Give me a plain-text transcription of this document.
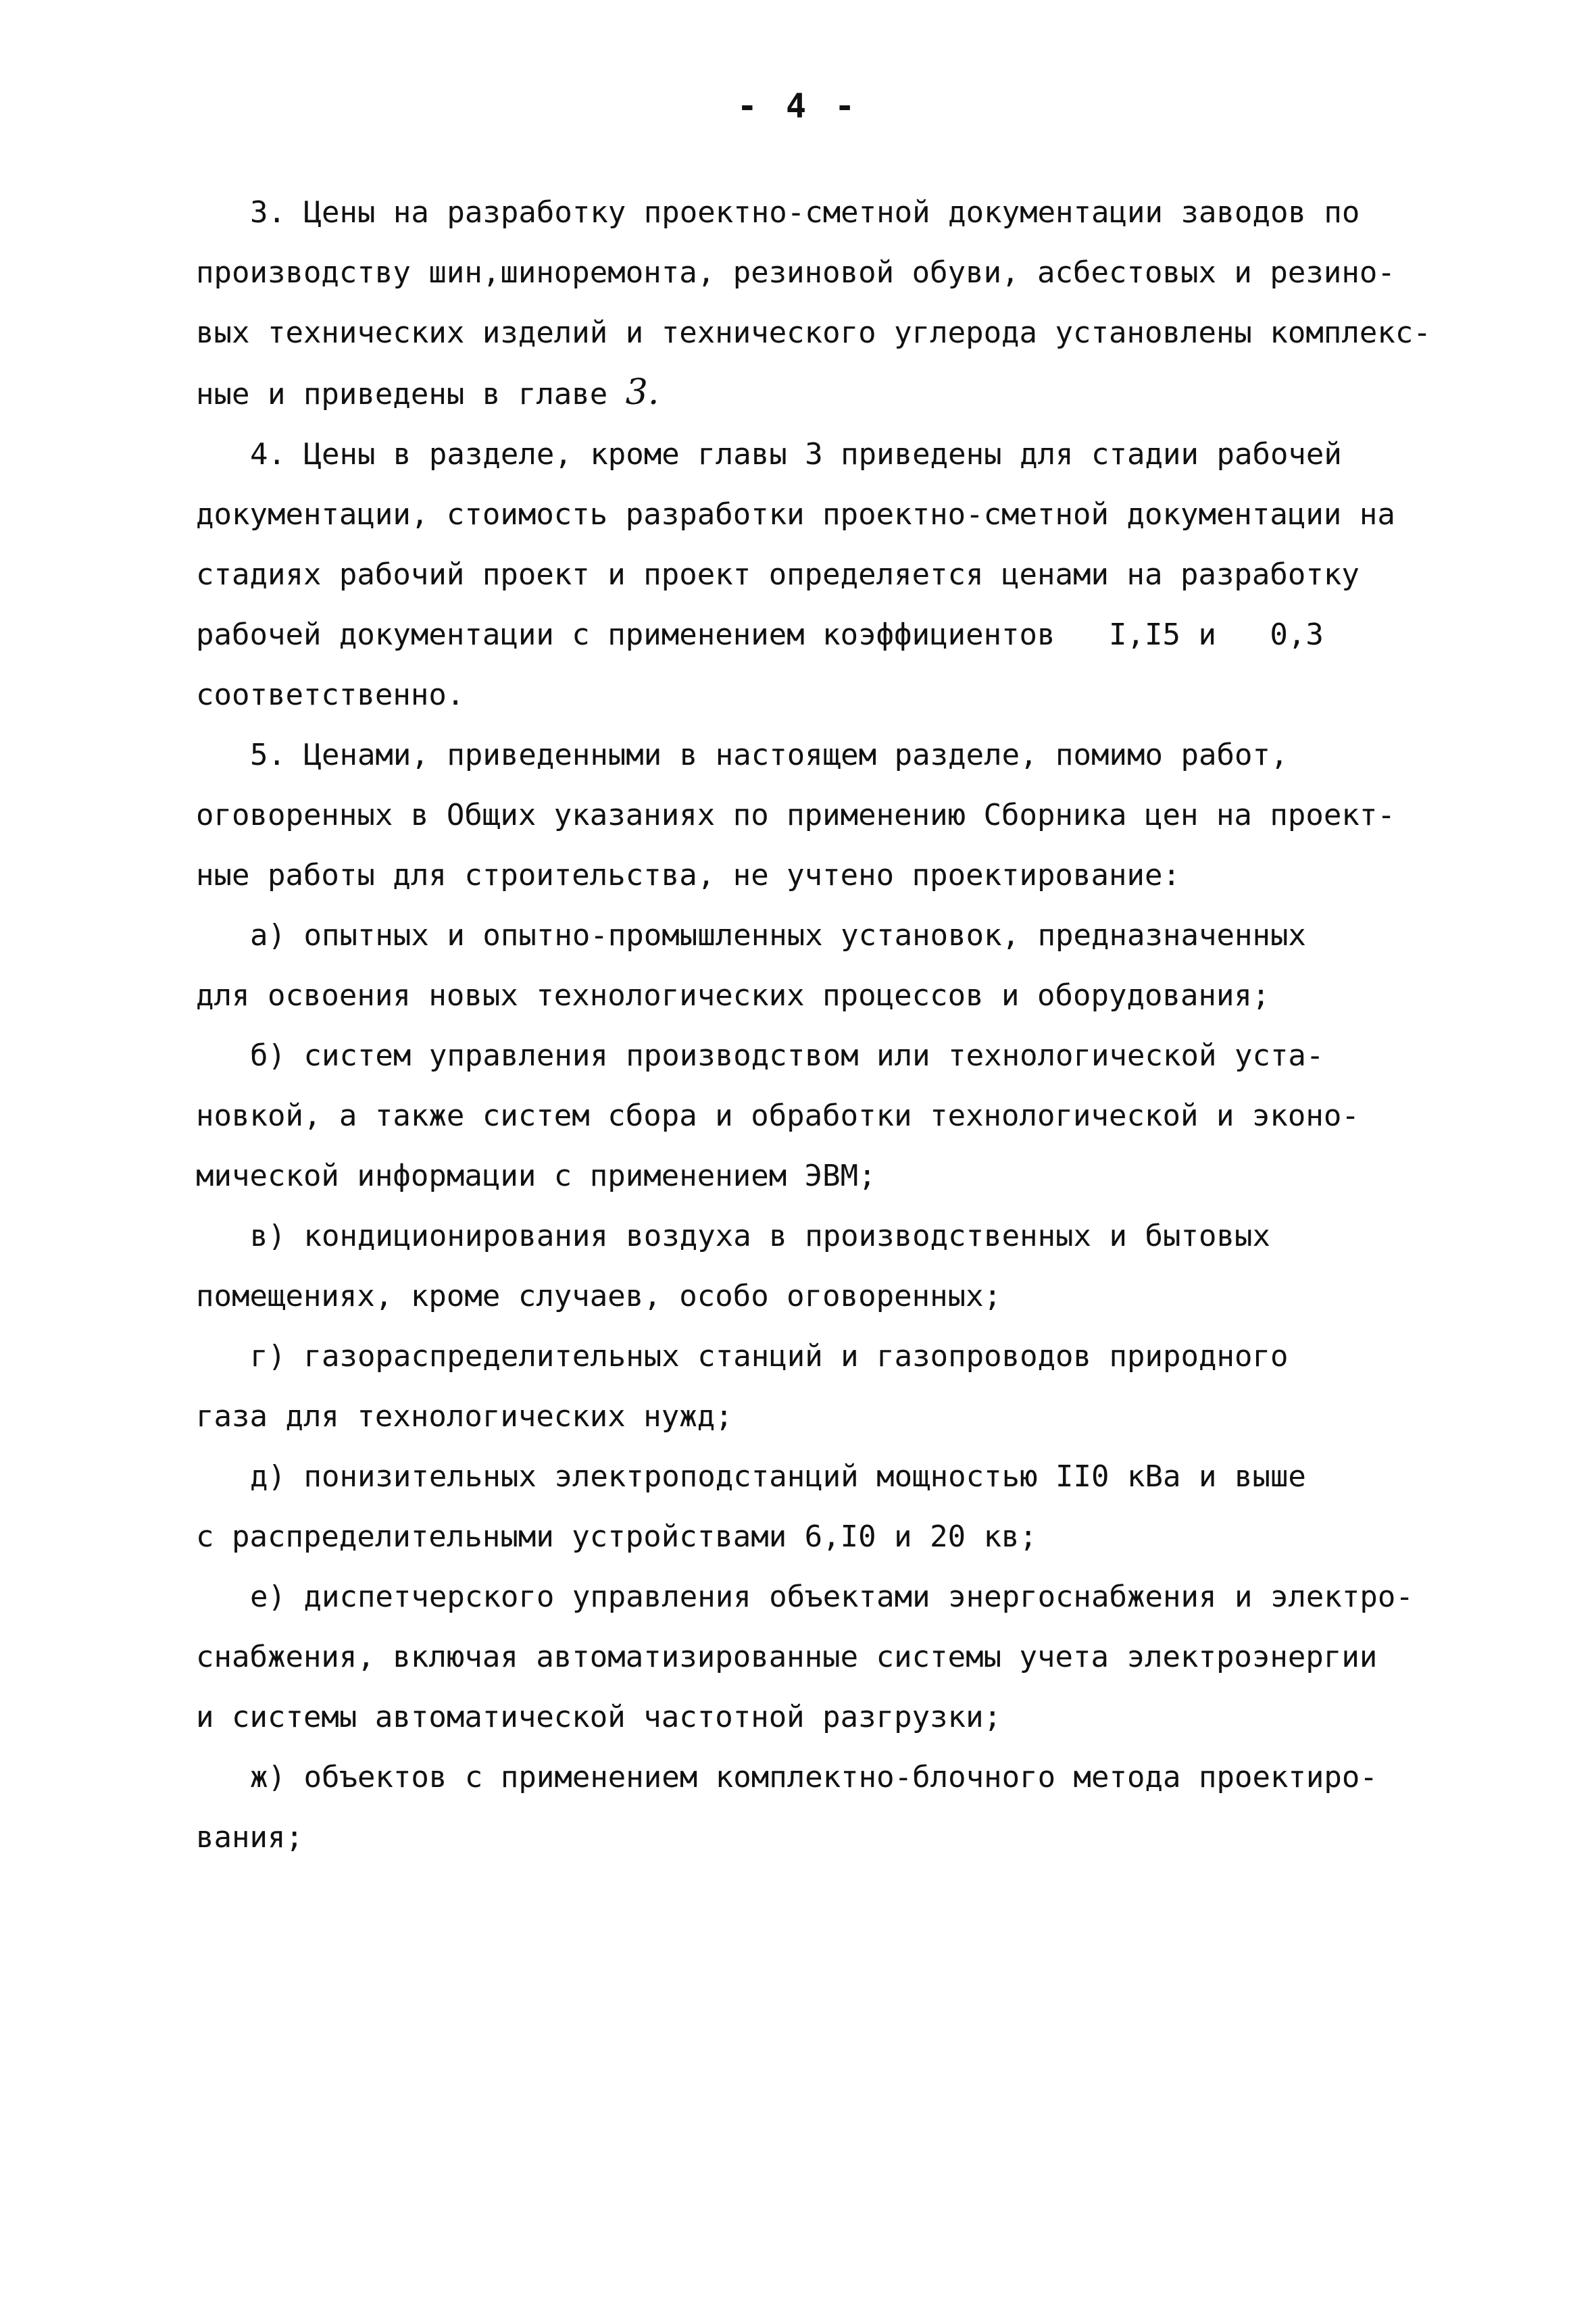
- 4 -
3. Цены на разработку проектно-сметной документации заводов по
производству шин,шиноремонта, резиновой обуви, асбестовых и резино-
вых технических изделий и технического углерода установлены комплекс-
ные и приведены в главе 3.
4. Цены в разделе, кроме главы 3 приведены для стадии рабочей
документации, стоимость разработки проектно-сметной документации на
стадиях рабочий проект и проект определяется ценами на разработку
рабочей документации с применением коэффициентов   I,I5 и   0,3
соответственно.
5. Ценами, приведенными в настоящем разделе, помимо работ,
оговоренных в Общих указаниях по применению Сборника цен на проект-
ные работы для строительства, не учтено проектирование:
а) опытных и опытно-промышленных установок, предназначенных
для освоения новых технологических процессов и оборудования;
б) систем управления производством или технологической уста-
новкой, а также систем сбора и обработки технологической и эконо-
мической информации с применением ЭВМ;
в) кондиционирования воздуха в производственных и бытовых
помещениях, кроме случаев, особо оговоренных;
г) газораспределительных станций и газопроводов природного
газа для технологических нужд;
д) понизительных электроподстанций мощностью II0 кВа и выше
с распределительными устройствами 6,I0 и 20 кв;
е) диспетчерского управления объектами энергоснабжения и электро-
снабжения, включая автоматизированные системы учета электроэнергии
и системы автоматической частотной разгрузки;
ж) объектов с применением комплектно-блочного метода проектиро-
вания;
